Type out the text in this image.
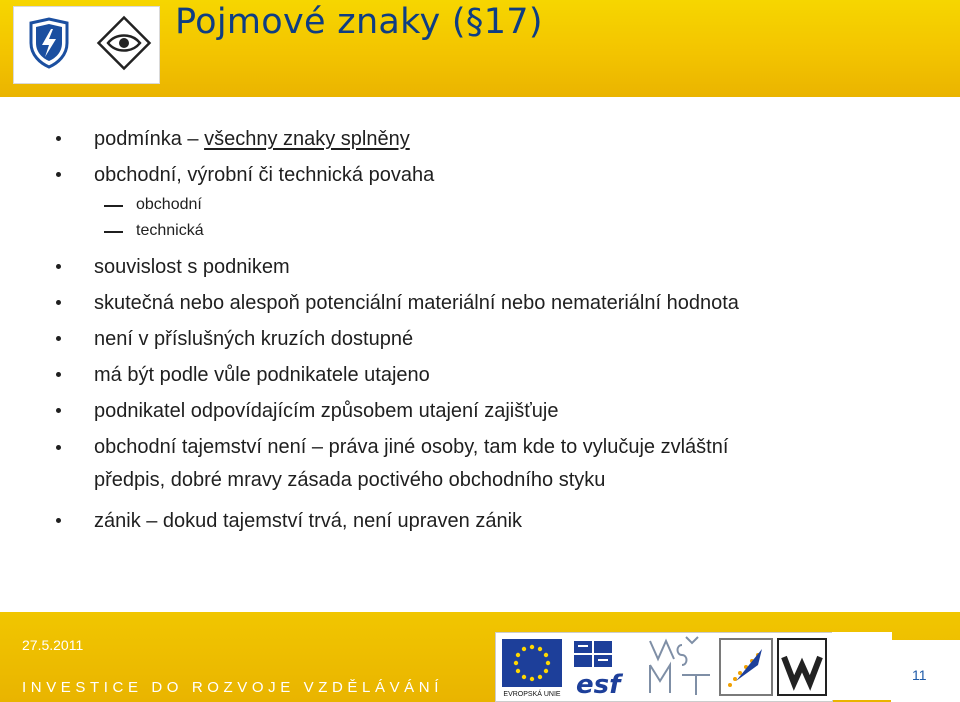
Pojmové znaky (§17)

podmínka – všechny znaky splněny

obchodní, výrobní či technická povaha

obchodní

technická

souvislost s podnikem

skutečná nebo alespoň potenciální materiální nebo nemateriální hodnota

není v příslušných kruzích dostupné

má být podle vůle podnikatele utajeno

podnikatel odpovídajícím způsobem utajení zajišťuje

obchodní tajemství není – práva jiné osoby, tam kde to vylučuje zvláštní
předpis, dobré mravy zásada poctivého obchodního styku

zánik – dokud tajemství trvá, není upraven zánik

27.5.2011
INVESTICE DO ROZVOJE VZDĚLÁVÁNÍ	EVROPSKÁ UNIE esf	11
